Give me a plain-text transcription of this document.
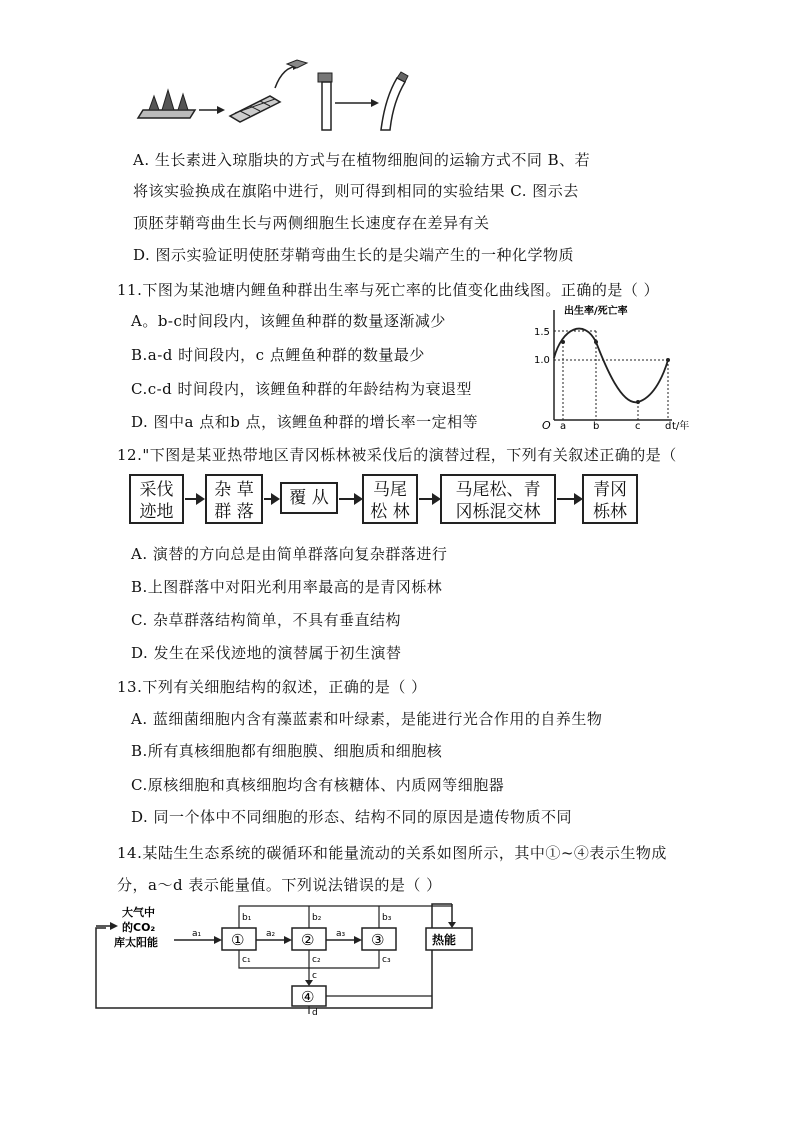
A. 生长素进入琼脂块的方式与在植物细胞间的运输方式不同 B、若
将该实验换成在旗陷中进行，则可得到相同的实验结果 C. 图示去
顶胚芽鞘弯曲生长与两侧细胞生长速度存在差异有关
D. 图示实验证明使胚芽鞘弯曲生长的是尖端产生的一种化学物质
11.下图为某池塘内鲤鱼种群出生率与死亡率的比值变化曲线图。正确的是（ ）
A。b-c时间段内，该鲤鱼种群的数量逐渐减少
B.a-d 时间段内，c 点鲤鱼种群的数量最少
C.c-d 时间段内，该鲤鱼种群的年龄结构为衰退型
D. 图中a 点和b 点，该鲤鱼种群的增长率一定相等
出生率/死亡率
1.5
1.0
O a	b	c d t/年
12."下图是某亚热带地区青冈栎林被采伐后的演替过程，下列有关叙述正确的是（
采伐
迹地
杂 草
群 落
覆 从	马尾
松 林
马尾松、青
冈栎混交林
青冈
栎林
A. 演替的方向总是由简单群落向复杂群落进行
B.上图群落中对阳光利用率最高的是青冈栎林
C. 杂草群落结构简单，不具有垂直结构
D. 发生在采伐迹地的演替属于初生演替
13.下列有关细胞结构的叙述，正确的是（ ）
A. 蓝细菌细胞内含有藻蓝素和叶绿素，是能进行光合作用的自养生物
B.所有真核细胞都有细胞膜、细胞质和细胞核
C.原核细胞和真核细胞均含有核糖体、内质网等细胞器
D. 同一个体中不同细胞的形态、结构不同的原因是遗传物质不同
14.某陆生生态系统的碳循环和能量流动的关系如图所示，其中①~④表示生物成
分，a～d 表示能量值。下列说法错误的是（ ）
大气中
的CO₂
库太阳能
a₁ ① a₂ ② a₃ ③
b₁	b₂	b₃
热能
c₁	c₂	c₃
c
④
d
